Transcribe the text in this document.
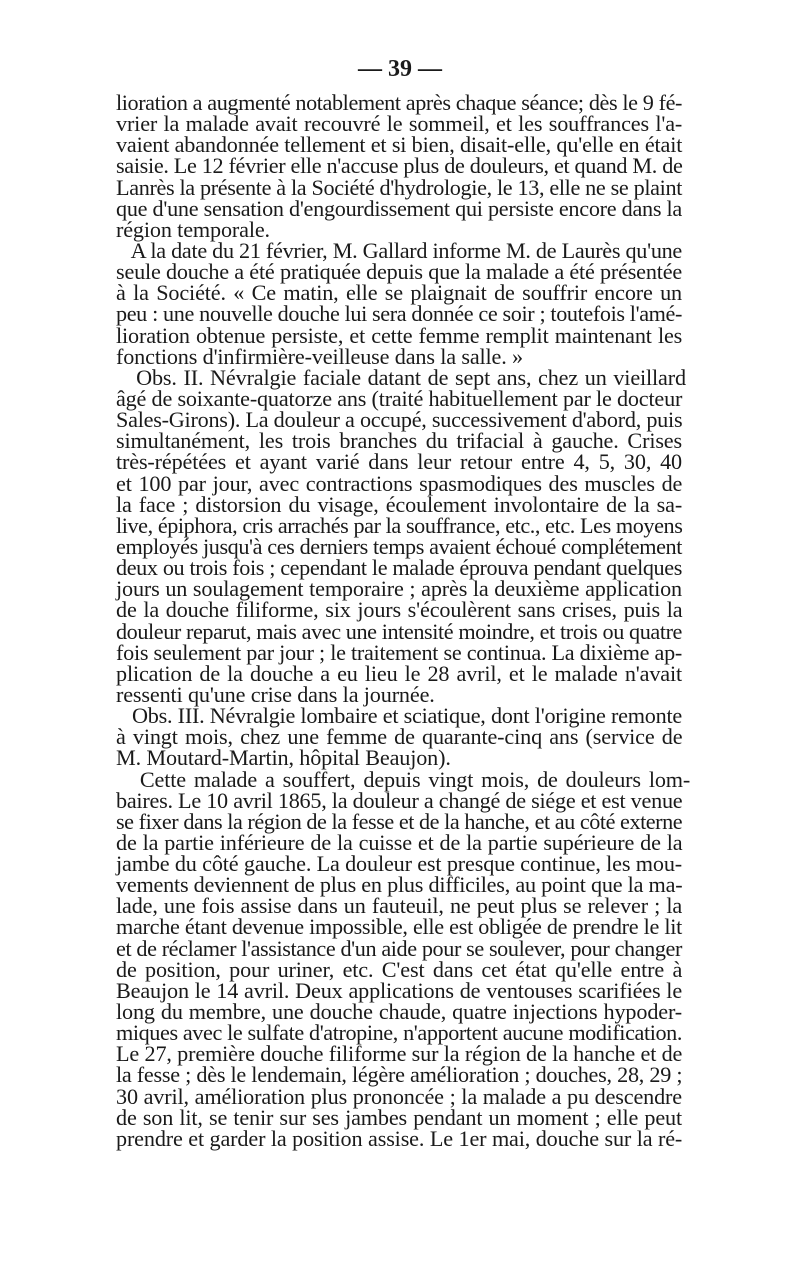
— 39 —
lioration a augmenté notablement après chaque séance; dès le 9 fé-
vrier la malade avait recouvré le sommeil, et les souffrances l'a-
vaient abandonnée tellement et si bien, disait-elle, qu'elle en était
saisie. Le 12 février elle n'accuse plus de douleurs, et quand M. de
Lanrès la présente à la Société d'hydrologie, le 13, elle ne se plaint
que d'une sensation d'engourdissement qui persiste encore dans la
région temporale.
A la date du 21 février, M. Gallard informe M. de Laurès qu'une
seule douche a été pratiquée depuis que la malade a été présentée
à la Société. « Ce matin, elle se plaignait de souffrir encore un
peu : une nouvelle douche lui sera donnée ce soir ; toutefois l'amé-
lioration obtenue persiste, et cette femme remplit maintenant les
fonctions d'infirmière-veilleuse dans la salle. »
Obs. II. Névralgie faciale datant de sept ans, chez un vieillard
âgé de soixante-quatorze ans (traité habituellement par le docteur
Sales-Girons). La douleur a occupé, successivement d'abord, puis
simultanément, les trois branches du trifacial à gauche. Crises
très-répétées et ayant varié dans leur retour entre 4, 5, 30, 40
et 100 par jour, avec contractions spasmodiques des muscles de
la face ; distorsion du visage, écoulement involontaire de la sa-
live, épiphora, cris arrachés par la souffrance, etc., etc. Les moyens
employés jusqu'à ces derniers temps avaient échoué complétement
deux ou trois fois ; cependant le malade éprouva pendant quelques
jours un soulagement temporaire ; après la deuxième application
de la douche filiforme, six jours s'écoulèrent sans crises, puis la
douleur reparut, mais avec une intensité moindre, et trois ou quatre
fois seulement par jour ; le traitement se continua. La dixième ap-
plication de la douche a eu lieu le 28 avril, et le malade n'avait
ressenti qu'une crise dans la journée.
Obs. III. Névralgie lombaire et sciatique, dont l'origine remonte
à vingt mois, chez une femme de quarante-cinq ans (service de
M. Moutard-Martin, hôpital Beaujon).
Cette malade a souffert, depuis vingt mois, de douleurs lom-
baires. Le 10 avril 1865, la douleur a changé de siége et est venue
se fixer dans la région de la fesse et de la hanche, et au côté externe
de la partie inférieure de la cuisse et de la partie supérieure de la
jambe du côté gauche. La douleur est presque continue, les mou-
vements deviennent de plus en plus difficiles, au point que la ma-
lade, une fois assise dans un fauteuil, ne peut plus se relever ; la
marche étant devenue impossible, elle est obligée de prendre le lit
et de réclamer l'assistance d'un aide pour se soulever, pour changer
de position, pour uriner, etc. C'est dans cet état qu'elle entre à
Beaujon le 14 avril. Deux applications de ventouses scarifiées le
long du membre, une douche chaude, quatre injections hypoder-
miques avec le sulfate d'atropine, n'apportent aucune modification.
Le 27, première douche filiforme sur la région de la hanche et de
la fesse ; dès le lendemain, légère amélioration ; douches, 28, 29 ;
30 avril, amélioration plus prononcée ; la malade a pu descendre
de son lit, se tenir sur ses jambes pendant un moment ; elle peut
prendre et garder la position assise. Le 1er mai, douche sur la ré-
